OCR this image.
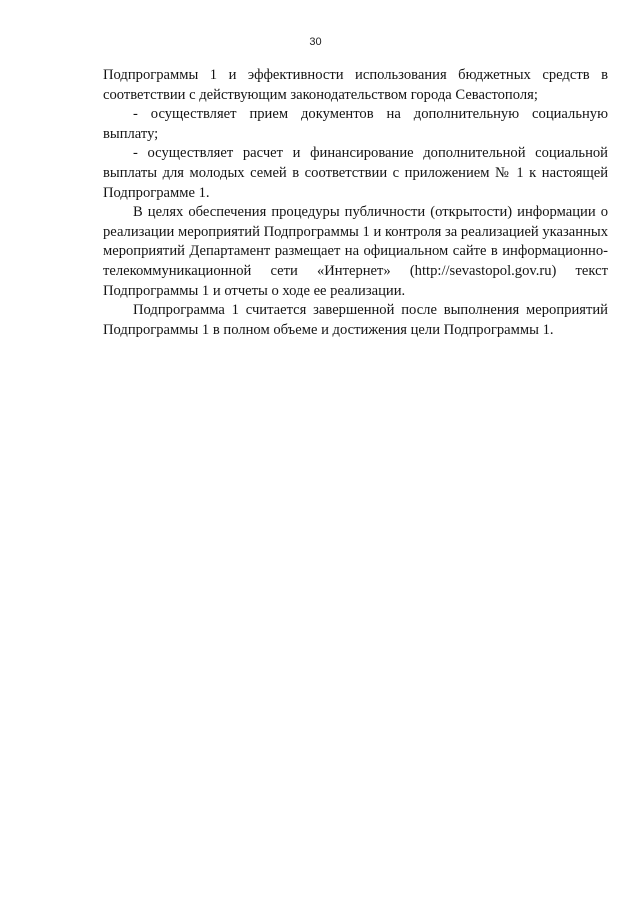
30

Подпрограммы 1 и эффективности использования бюджетных средств в соответствии с действующим законодательством города Севастополя;

- осуществляет прием документов на дополнительную социальную выплату;

- осуществляет расчет и финансирование дополнительной социальной выплаты для молодых семей в соответствии с приложением № 1 к настоящей Подпрограмме 1.

В целях обеспечения процедуры публичности (открытости) информации о реализации мероприятий Подпрограммы 1 и контроля за реализацией указанных мероприятий Департамент размещает на официальном сайте в информационно-телекоммуникационной сети «Интернет» (http://sevastopol.gov.ru) текст Подпрограммы 1 и отчеты о ходе ее реализации.

Подпрограмма 1 считается завершенной после выполнения мероприятий Подпрограммы 1 в полном объеме и достижения цели Подпрограммы 1.
